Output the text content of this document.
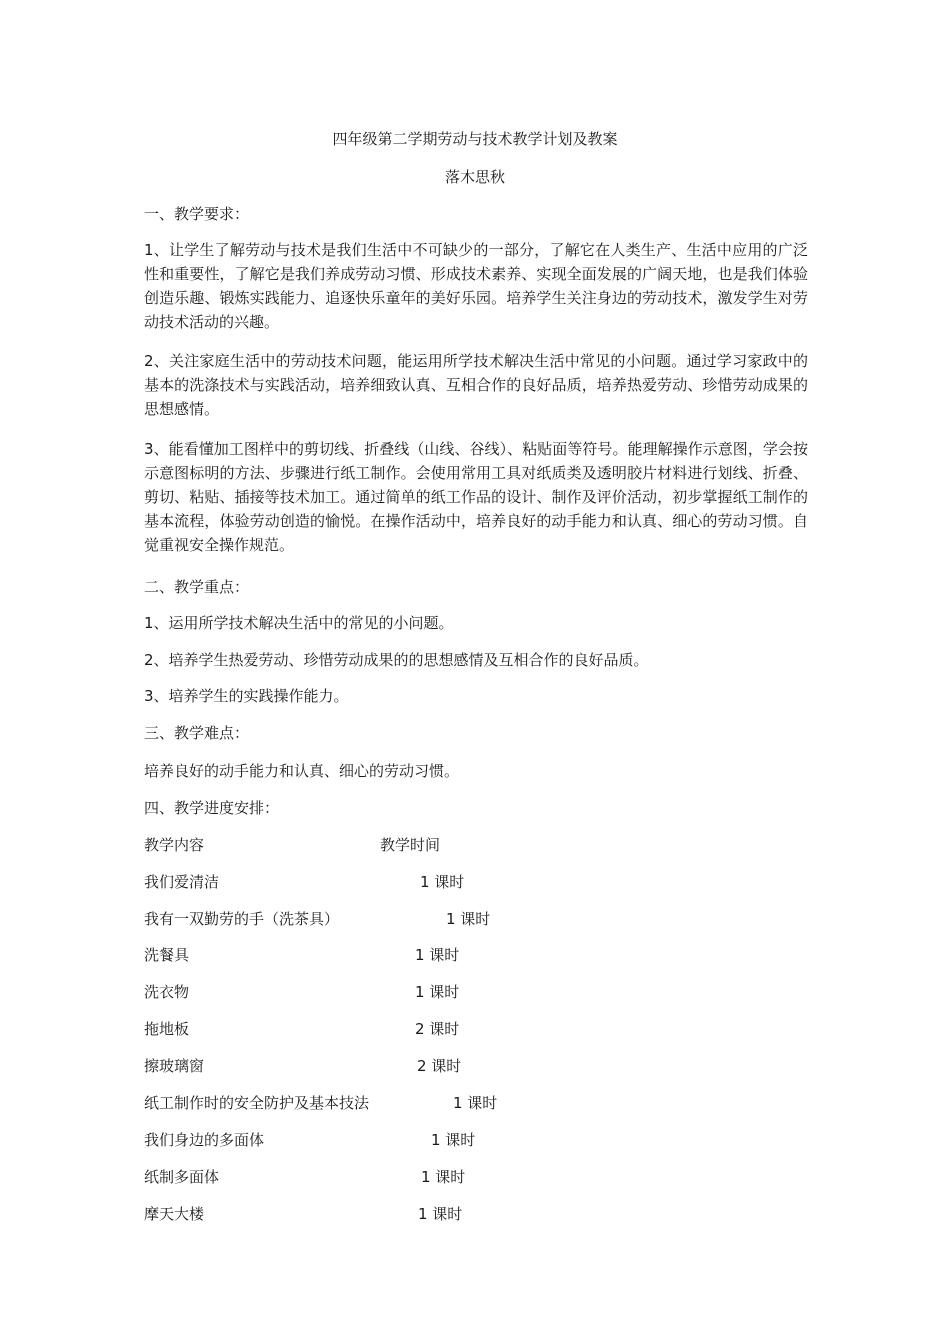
四年级第二学期劳动与技术教学计划及教案
落木思秋
一、教学要求：
1、让学生了解劳动与技术是我们生活中不可缺少的一部分，了解它在人类生产、生活中应用的广泛性和重要性，了解它是我们养成劳动习惯、形成技术素养、实现全面发展的广阔天地，也是我们体验创造乐趣、锻炼实践能力、追逐快乐童年的美好乐园。培养学生关注身边的劳动技术，激发学生对劳动技术活动的兴趣。
2、关注家庭生活中的劳动技术问题，能运用所学技术解决生活中常见的小问题。通过学习家政中的基本的洗涤技术与实践活动，培养细致认真、互相合作的良好品质，培养热爱劳动、珍惜劳动成果的思想感情。
3、能看懂加工图样中的剪切线、折叠线（山线、谷线）、粘贴面等符号。能理解操作示意图，学会按示意图标明的方法、步骤进行纸工制作。会使用常用工具对纸质类及透明胶片材料进行划线、折叠、剪切、粘贴、插接等技术加工。通过简单的纸工作品的设计、制作及评价活动，初步掌握纸工制作的基本流程，体验劳动创造的愉悦。在操作活动中，培养良好的动手能力和认真、细心的劳动习惯。自觉重视安全操作规范。
二、教学重点：
1、运用所学技术解决生活中的常见的小问题。
2、培养学生热爱劳动、珍惜劳动成果的的思想感情及互相合作的良好品质。
3、培养学生的实践操作能力。
三、教学难点：
培养良好的动手能力和认真、细心的劳动习惯。
四、教学进度安排：
教学内容	教学时间
我们爱清洁	1 课时
我有一双勤劳的手（洗茶具）	1 课时
洗餐具	1 课时
洗衣物	1 课时
拖地板	2 课时
擦玻璃窗	2 课时
纸工制作时的安全防护及基本技法	1 课时
我们身边的多面体	1 课时
纸制多面体	1 课时
摩天大楼	1 课时
